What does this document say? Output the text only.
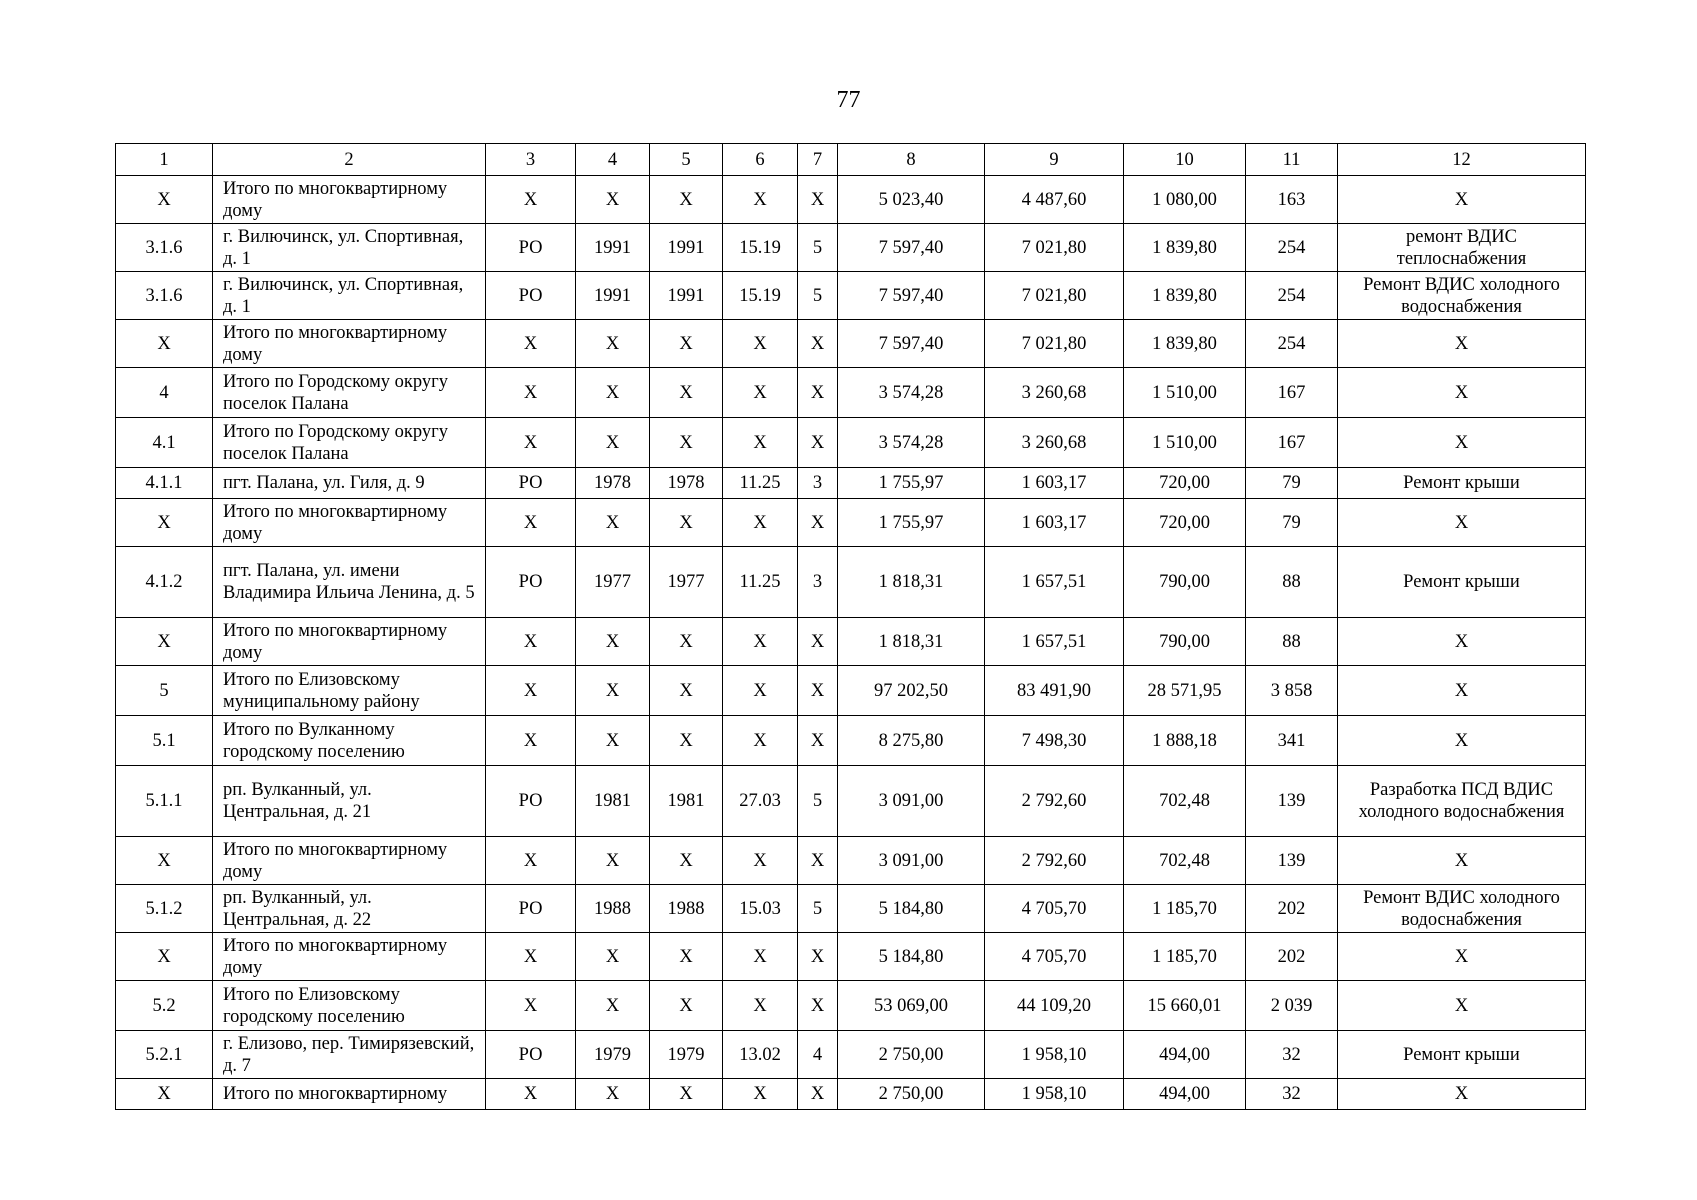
77
1	2	3	4	5	6	7	8	9	10	11	12
X	Итого по многоквартирному дому	X	X	X	X	X	5 023,40	4 487,60	1 080,00	163	X
3.1.6	г. Вилючинск, ул. Спортивная, д. 1	РО	1991	1991	15.19	5	7 597,40	7 021,80	1 839,80	254	ремонт ВДИС теплоснабжения
3.1.6	г. Вилючинск, ул. Спортивная, д. 1	РО	1991	1991	15.19	5	7 597,40	7 021,80	1 839,80	254	Ремонт ВДИС холодного водоснабжения
X	Итого по многоквартирному дому	X	X	X	X	X	7 597,40	7 021,80	1 839,80	254	X
4	Итого по Городскому округу поселок Палана	X	X	X	X	X	3 574,28	3 260,68	1 510,00	167	X
4.1	Итого по Городскому округу поселок Палана	X	X	X	X	X	3 574,28	3 260,68	1 510,00	167	X
4.1.1	пгт. Палана, ул. Гиля, д. 9	РО	1978	1978	11.25	3	1 755,97	1 603,17	720,00	79	Ремонт крыши
X	Итого по многоквартирному дому	X	X	X	X	X	1 755,97	1 603,17	720,00	79	X
4.1.2	пгт. Палана, ул. имени Владимира Ильича Ленина, д. 5	РО	1977	1977	11.25	3	1 818,31	1 657,51	790,00	88	Ремонт крыши
X	Итого по многоквартирному дому	X	X	X	X	X	1 818,31	1 657,51	790,00	88	X
5	Итого по Елизовскому муниципальному району	X	X	X	X	X	97 202,50	83 491,90	28 571,95	3 858	X
5.1	Итого по Вулканному городскому поселению	X	X	X	X	X	8 275,80	7 498,30	1 888,18	341	X
5.1.1	рп. Вулканный, ул. Центральная, д. 21	РО	1981	1981	27.03	5	3 091,00	2 792,60	702,48	139	Разработка ПСД ВДИС холодного водоснабжения
X	Итого по многоквартирному дому	X	X	X	X	X	3 091,00	2 792,60	702,48	139	X
5.1.2	рп. Вулканный, ул. Центральная, д. 22	РО	1988	1988	15.03	5	5 184,80	4 705,70	1 185,70	202	Ремонт ВДИС холодного водоснабжения
X	Итого по многоквартирному дому	X	X	X	X	X	5 184,80	4 705,70	1 185,70	202	X
5.2	Итого по Елизовскому городскому поселению	X	X	X	X	X	53 069,00	44 109,20	15 660,01	2 039	X
5.2.1	г. Елизово, пер. Тимирязевский, д. 7	РО	1979	1979	13.02	4	2 750,00	1 958,10	494,00	32	Ремонт крыши
X	Итого по многоквартирному	X	X	X	X	X	2 750,00	1 958,10	494,00	32	X
